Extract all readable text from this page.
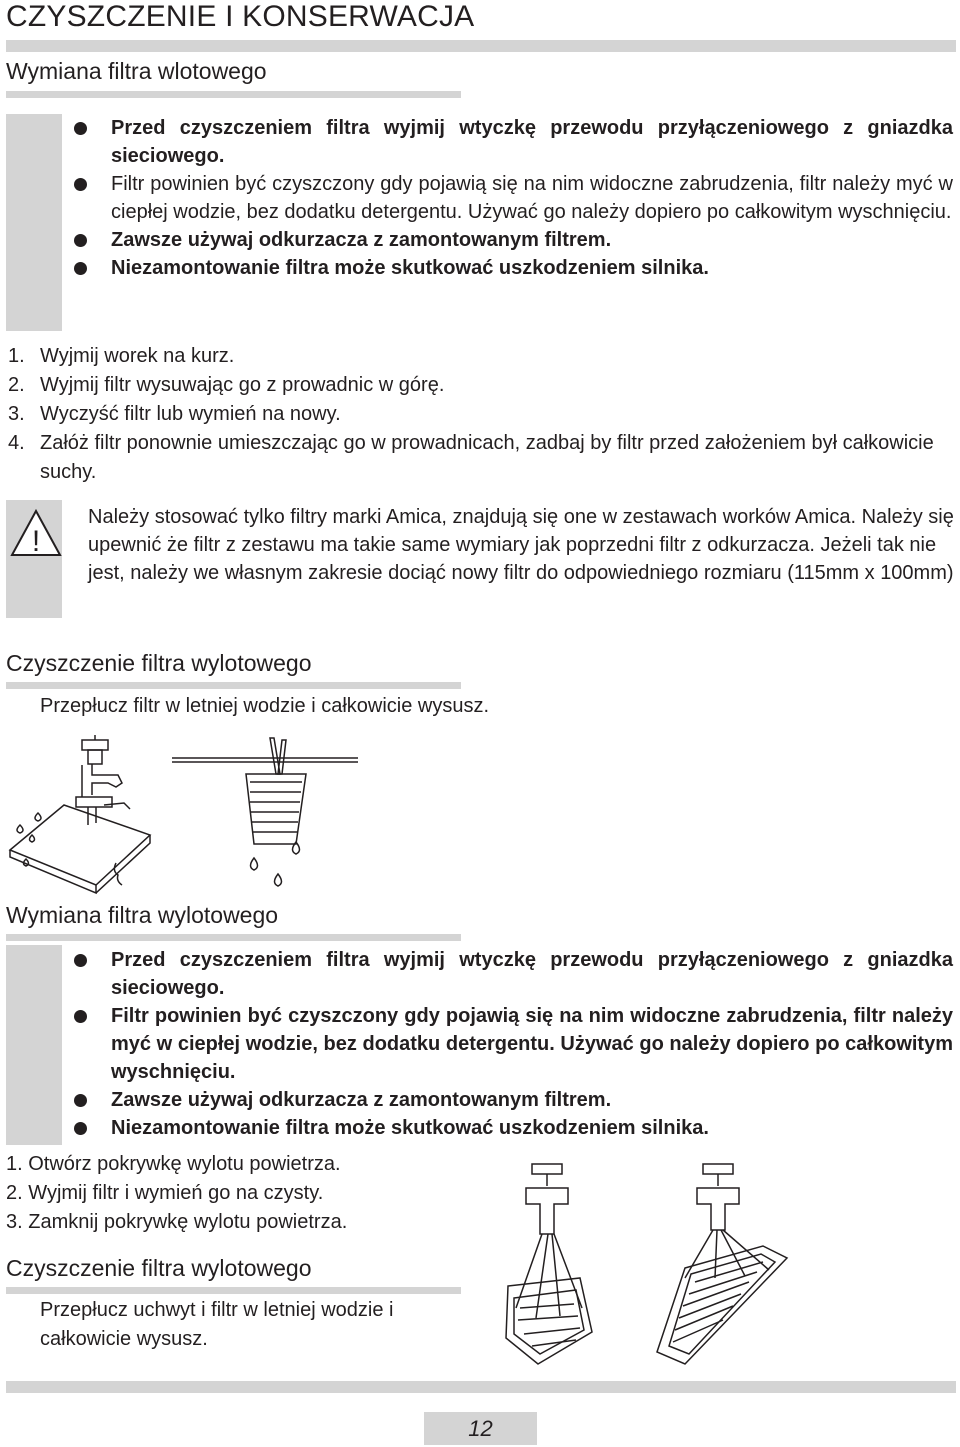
CZYSZCZENIE I KONSERWACJA
Wymiana filtra wlotowego
Przed czyszczeniem filtra wyjmij wtyczkę przewodu przyłączeniowego z gniazdka sieciowego.
Filtr powinien być czyszczony gdy pojawią się na nim widoczne zabrudzenia, filtr należy myć w ciepłej wodzie, bez dodatku detergentu. Używać go należy dopiero po całkowitym wyschnięciu.
Zawsze używaj odkurzacza z zamontowanym filtrem.
Niezamontowanie filtra może skutkować uszkodzeniem silnika.
1. Wyjmij worek na kurz.
2. Wyjmij filtr wysuwając go z prowadnic w górę.
3. Wyczyść filtr lub wymień na nowy.
4. Załóż filtr ponownie umieszczając go w prowadnicach, zadbaj by filtr przed założeniem był całkowicie suchy.
!
Należy stosować tylko filtry marki Amica, znajdują się one w zestawach worków Amica. Należy się upewnić że filtr z zestawu ma takie same wymiary jak poprzedni filtr z odkurzacza. Jeżeli tak nie jest, należy we własnym zakresie dociąć nowy filtr do odpowiedniego rozmiaru (115mm x 100mm)
Czyszczenie filtra wylotowego
Przepłucz filtr w letniej wodzie i całkowicie wysusz.
Wymiana filtra wylotowego
Przed czyszczeniem filtra wyjmij wtyczkę przewodu przyłączeniowego z gniazdka sieciowego.
Filtr powinien być czyszczony gdy pojawią się na nim widoczne zabrudzenia, filtr należy myć w ciepłej wodzie, bez dodatku detergentu. Używać go należy dopiero po całkowitym wyschnięciu.
Zawsze używaj odkurzacza z zamontowanym filtrem.
Niezamontowanie filtra może skutkować uszkodzeniem silnika.
1. Otwórz pokrywkę wylotu powietrza.
2. Wyjmij filtr i wymień go na czysty.
3. Zamknij pokrywkę wylotu powietrza.
Czyszczenie filtra wylotowego
Przepłucz uchwyt i filtr w letniej wodzie i całkowicie wysusz.
12
